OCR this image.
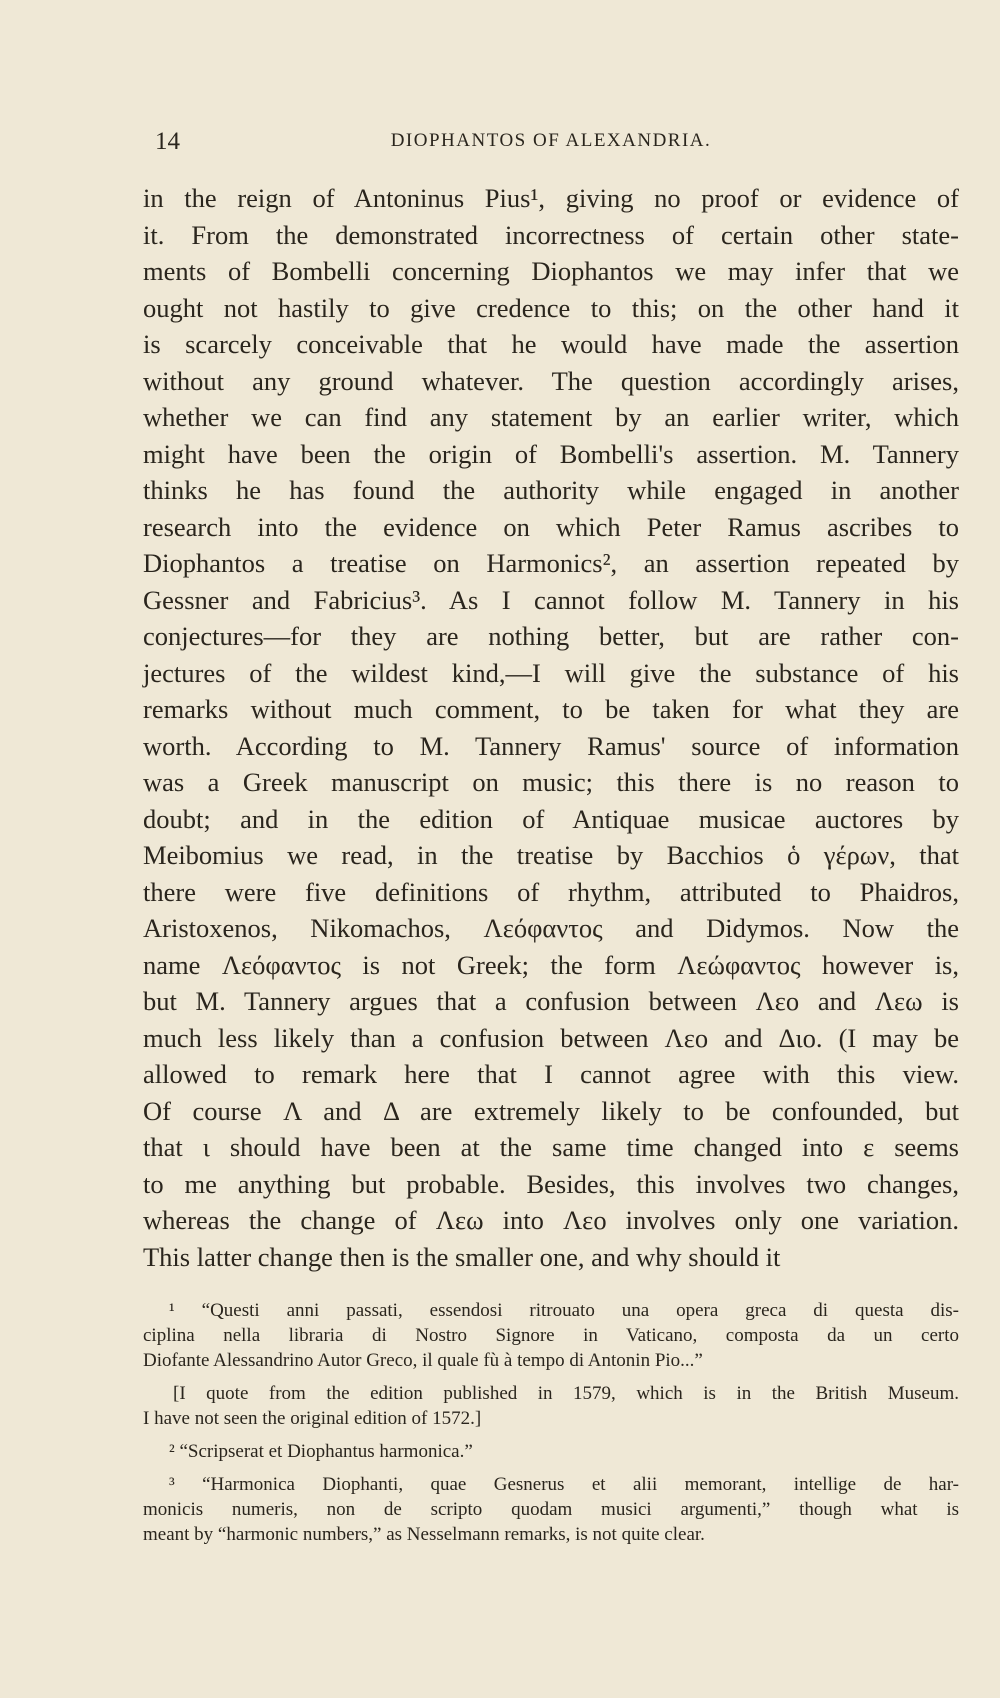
14	DIOPHANTOS OF ALEXANDRIA.
in the reign of Antoninus Pius¹, giving no proof or evidence of
it. From the demonstrated incorrectness of certain other state-
ments of Bombelli concerning Diophantos we may infer that we
ought not hastily to give credence to this; on the other hand it
is scarcely conceivable that he would have made the assertion
without any ground whatever. The question accordingly arises,
whether we can find any statement by an earlier writer, which
might have been the origin of Bombelli's assertion. M. Tannery
thinks he has found the authority while engaged in another
research into the evidence on which Peter Ramus ascribes to
Diophantos a treatise on Harmonics², an assertion repeated by
Gessner and Fabricius³. As I cannot follow M. Tannery in his
conjectures—for they are nothing better, but are rather con-
jectures of the wildest kind,—I will give the substance of his
remarks without much comment, to be taken for what they are
worth. According to M. Tannery Ramus' source of information
was a Greek manuscript on music; this there is no reason to
doubt; and in the edition of Antiquae musicae auctores by
Meibomius we read, in the treatise by Bacchios ὁ γέρων, that
there were five definitions of rhythm, attributed to Phaidros,
Aristoxenos, Nikomachos, Λεόφαντος and Didymos. Now the
name Λεόφαντος is not Greek; the form Λεώφαντος however is,
but M. Tannery argues that a confusion between Λεο and Λεω is
much less likely than a confusion between Λεο and Διο. (I may be
allowed to remark here that I cannot agree with this view.
Of course Λ and Δ are extremely likely to be confounded, but
that ι should have been at the same time changed into ε seems
to me anything but probable. Besides, this involves two changes,
whereas the change of Λεω into Λεο involves only one variation.
This latter change then is the smaller one, and why should it
¹ “Questi anni passati, essendosi ritrouato una opera greca di questa dis-
ciplina nella libraria di Nostro Signore in Vaticano, composta da un certo
Diofante Alessandrino Autor Greco, il quale fù à tempo di Antonin Pio...”
[I quote from the edition published in 1579, which is in the British Museum.
I have not seen the original edition of 1572.]
² “Scripserat et Diophantus harmonica.”
³ “Harmonica Diophanti, quae Gesnerus et alii memorant, intellige de har-
monicis numeris, non de scripto quodam musici argumenti,” though what is
meant by “harmonic numbers,” as Nesselmann remarks, is not quite clear.
